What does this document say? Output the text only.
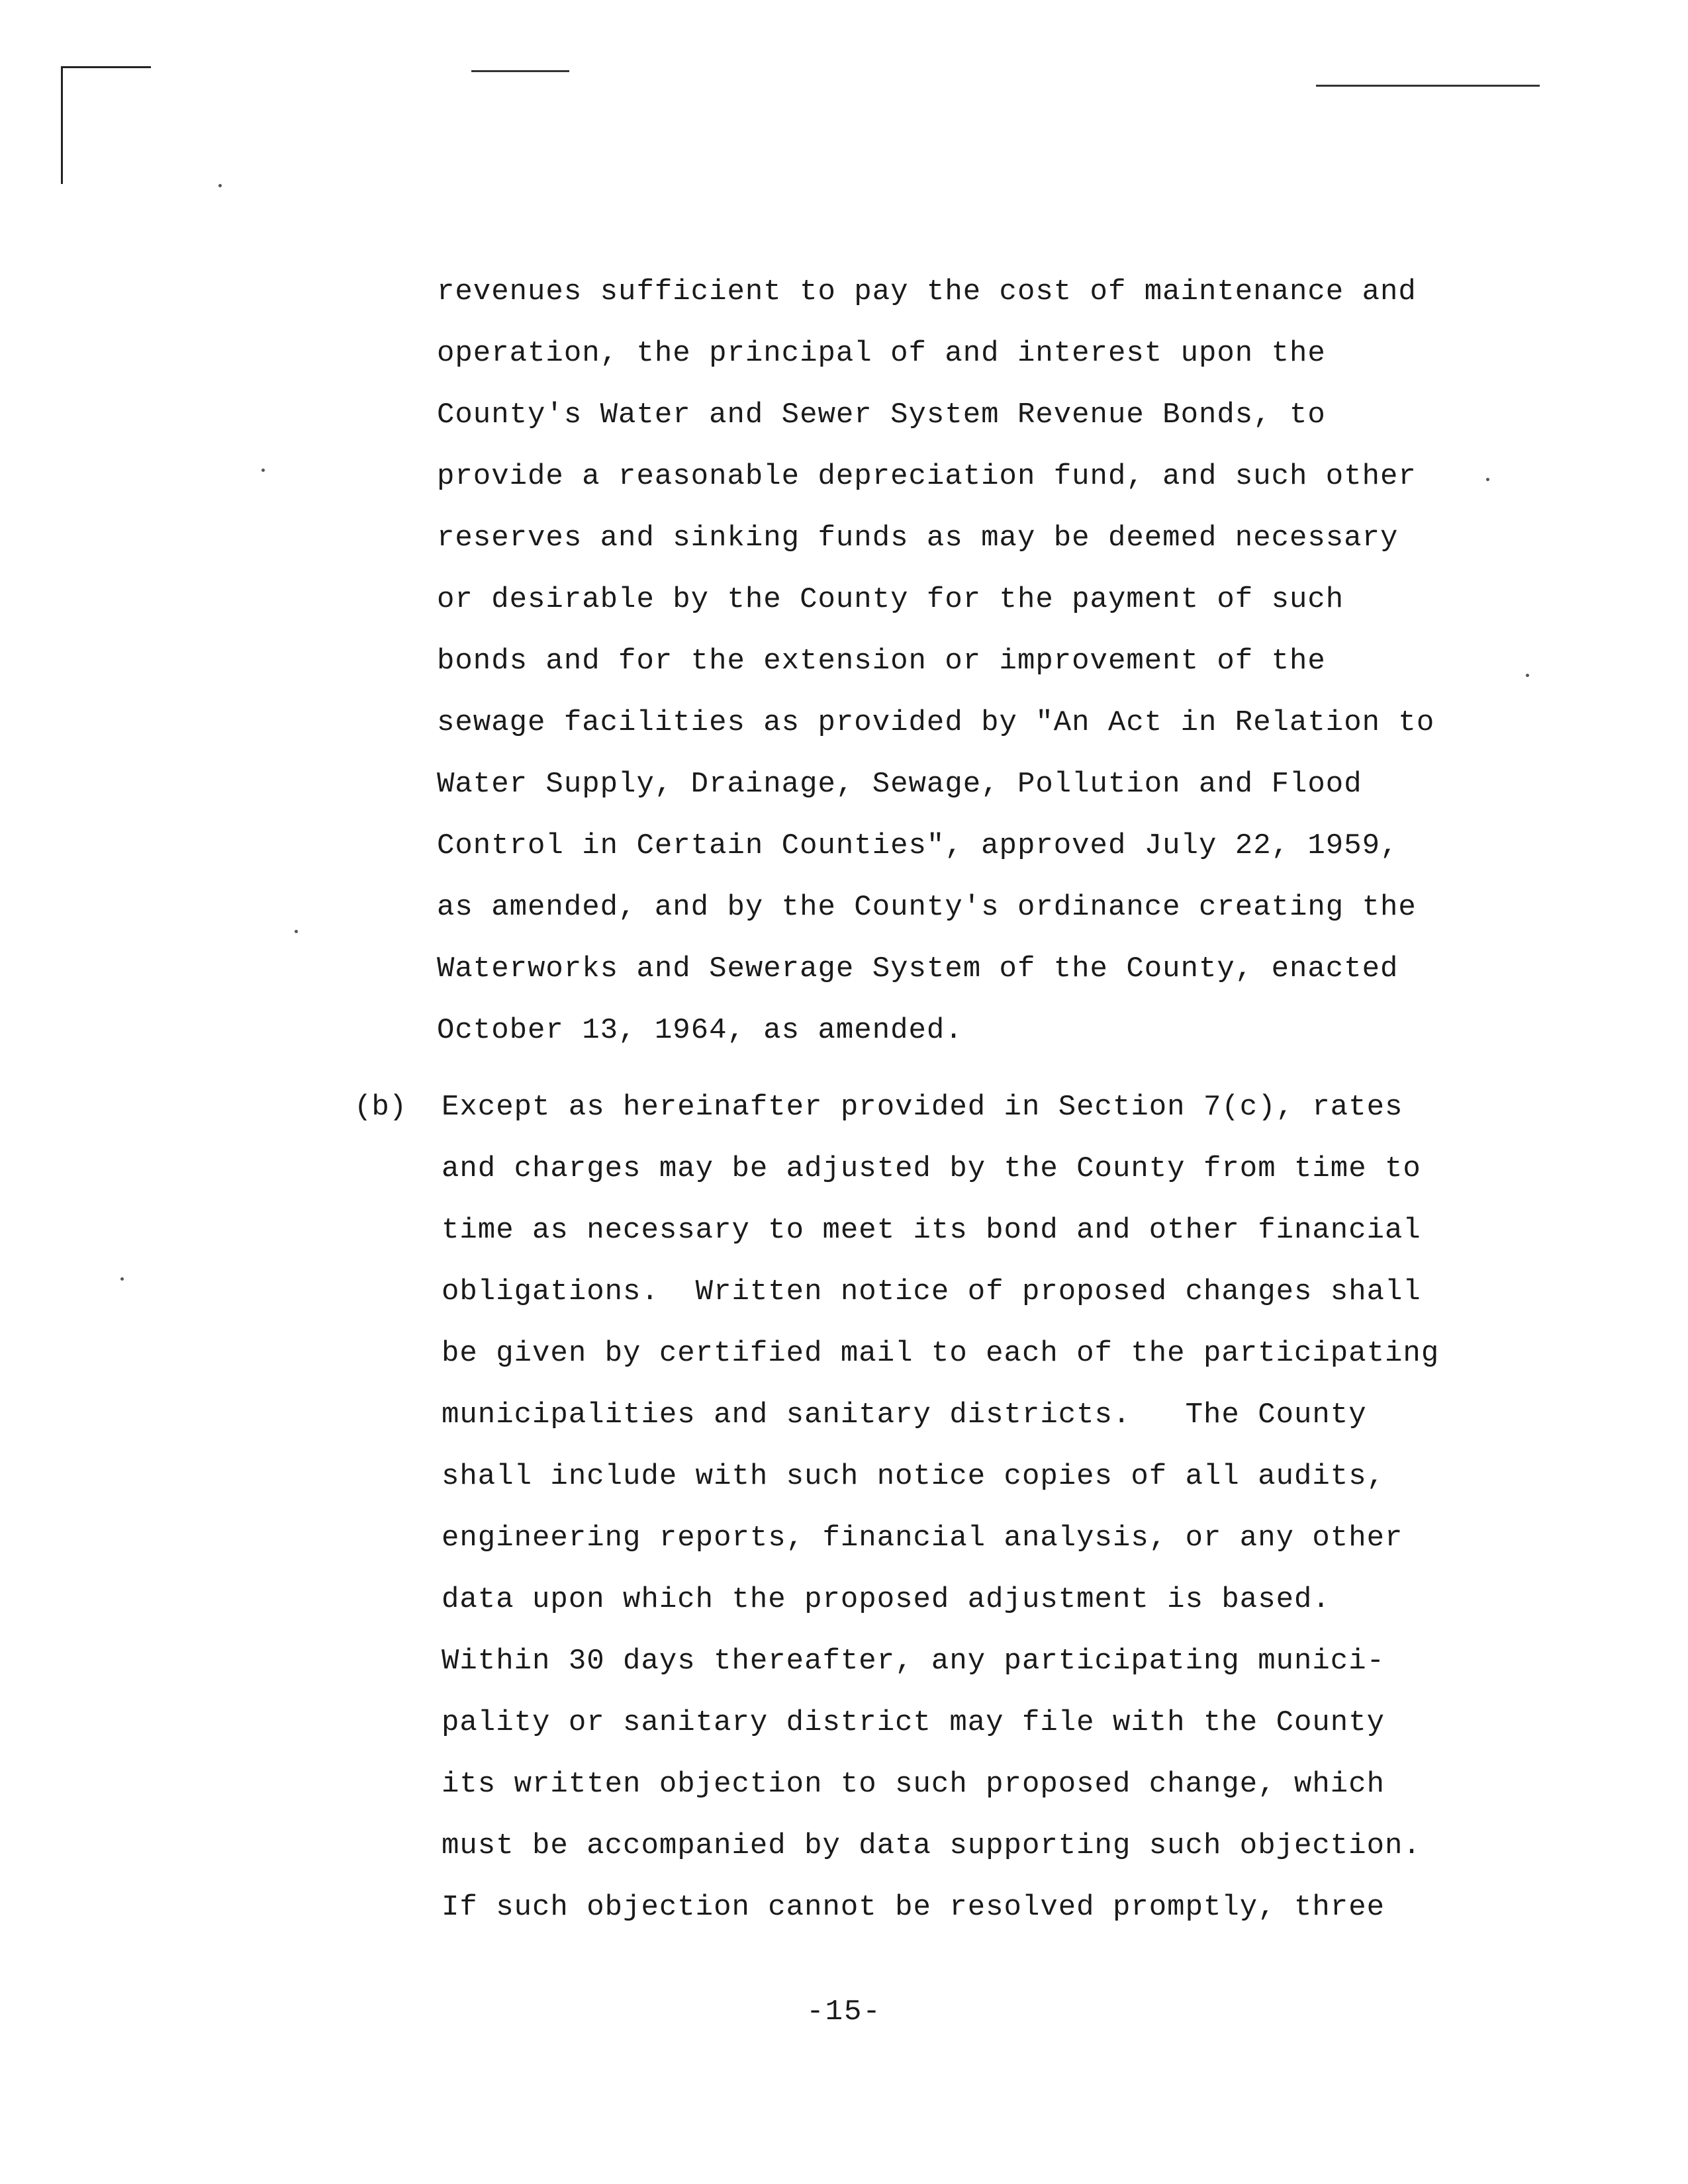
revenues sufficient to pay the cost of maintenance and
operation, the principal of and interest upon the
County's Water and Sewer System Revenue Bonds, to
provide a reasonable depreciation fund, and such other
reserves and sinking funds as may be deemed necessary
or desirable by the County for the payment of such
bonds and for the extension or improvement of the
sewage facilities as provided by "An Act in Relation to
Water Supply, Drainage, Sewage, Pollution and Flood
Control in Certain Counties", approved July 22, 1959,
as amended, and by the County's ordinance creating the
Waterworks and Sewerage System of the County, enacted
October 13, 1964, as amended.
(b) Except as hereinafter provided in Section 7(c), rates
and charges may be adjusted by the County from time to
time as necessary to meet its bond and other financial
obligations.  Written notice of proposed changes shall
be given by certified mail to each of the participating
municipalities and sanitary districts.   The County
shall include with such notice copies of all audits,
engineering reports, financial analysis, or any other
data upon which the proposed adjustment is based.
Within 30 days thereafter, any participating munici-
pality or sanitary district may file with the County
its written objection to such proposed change, which
must be accompanied by data supporting such objection.
If such objection cannot be resolved promptly, three
-15-
